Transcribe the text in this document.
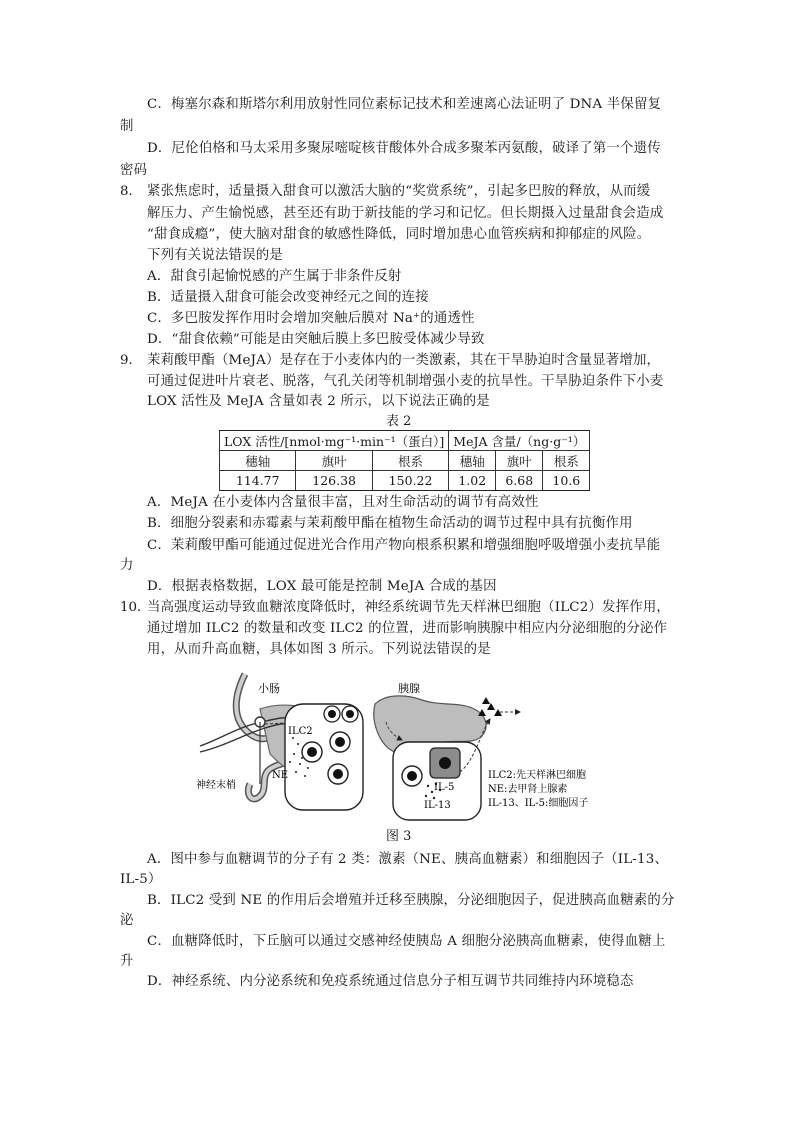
C．梅塞尔森和斯塔尔利用放射性同位素标记技术和差速离心法证明了 DNA 半保留复
制
D．尼伦伯格和马太采用多聚尿嘧啶核苷酸体外合成多聚苯丙氨酸，破译了第一个遗传
密码
8． 紧张焦虑时，适量摄入甜食可以激活大脑的“奖赏系统”，引起多巴胺的释放，从而缓
解压力、产生愉悦感，甚至还有助于新技能的学习和记忆。但长期摄入过量甜食会造成
“甜食成瘾”，使大脑对甜食的敏感性降低，同时增加患心血管疾病和抑郁症的风险。
下列有关说法错误的是
A．甜食引起愉悦感的产生属于非条件反射
B．适量摄入甜食可能会改变神经元之间的连接
C．多巴胺发挥作用时会增加突触后膜对 Na⁺的通透性
D．“甜食依赖”可能是由突触后膜上多巴胺受体减少导致
9． 茉莉酸甲酯（MeJA）是存在于小麦体内的一类激素，其在干旱胁迫时含量显著增加，
可通过促进叶片衰老、脱落，气孔关闭等机制增强小麦的抗旱性。干旱胁迫条件下小麦
LOX 活性及 MeJA 含量如表 2 所示，以下说法正确的是
表 2
LOX 活性/[nmol·mg⁻¹·min⁻¹（蛋白）]			MeJA 含量/（ng·g⁻¹）		
穗轴	旗叶	根系	穗轴	旗叶	根系
114.77	126.38	150.22	1.02	6.68	10.6
A．MeJA 在小麦体内含量很丰富，且对生命活动的调节有高效性
B．细胞分裂素和赤霉素与茉莉酸甲酯在植物生命活动的调节过程中具有抗衡作用
C．茉莉酸甲酯可能通过促进光合作用产物向根系积累和增强细胞呼吸增强小麦抗旱能
力
D．根据表格数据，LOX 最可能是控制 MeJA 合成的基因
10．
当高强度运动导致血糖浓度降低时，神经系统调节先天样淋巴细胞（ILC2）发挥作用，
通过增加 ILC2 的数量和改变 ILC2 的位置，进而影响胰腺中相应内分泌细胞的分泌作
用，从而升高血糖，具体如图 3 所示。下列说法错误的是
小肠	胰腺
ILC2
NE
神经末梢	IL-5
IL-13
ILC2:先天样淋巴细胞
NE:去甲肾上腺素
IL-13、IL-5:细胞因子
图 3
A．图中参与血糖调节的分子有 2 类：激素（NE、胰高血糖素）和细胞因子（IL-13、
IL-5）
B．ILC2 受到 NE 的作用后会增殖并迁移至胰腺，分泌细胞因子，促进胰高血糖素的分
泌
C．血糖降低时，下丘脑可以通过交感神经使胰岛 A 细胞分泌胰高血糖素，使得血糖上
升
D．神经系统、内分泌系统和免疫系统通过信息分子相互调节共同维持内环境稳态
